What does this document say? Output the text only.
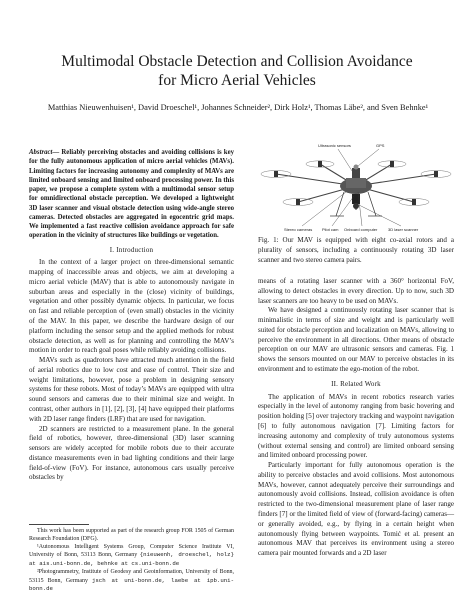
Multimodal Obstacle Detection and Collision Avoidance
for Micro Aerial Vehicles
Matthias Nieuwenhuisen¹, David Droeschel¹, Johannes Schneider², Dirk Holz¹, Thomas Läbe², and Sven Behnke¹

Abstract— Reliably perceiving obstacles and avoiding collisions is key for the fully autonomous application of micro aerial vehicles (MAVs). Limiting factors for increasing autonomy and complexity of MAVs are limited onboard sensing and limited onboard processing power. In this paper, we propose a complete system with a multimodal sensor setup for omnidirectional obstacle perception. We developed a lightweight 3D laser scanner and visual obstacle detection using wide-angle stereo cameras. Detected obstacles are aggregated in egocentric grid maps. We implemented a fast reactive collision avoidance approach for safe operation in the vicinity of structures like buildings or vegetation.

I. Introduction

In the context of a larger project on three-dimensional semantic mapping of inaccessible areas and objects, we aim at developing a micro aerial vehicle (MAV) that is able to autonomously navigate in suburban areas and especially in the (close) vicinity of buildings, vegetation and other possibly dynamic objects. In particular, we focus on fast and reliable perception of (even small) obstacles in the vicinity of the MAV. In this paper, we describe the hardware design of our platform including the sensor setup and the applied methods for robust obstacle detection, as well as for planning and controlling the MAV’s motion in order to reach goal poses while reliably avoiding collisions.

MAVs such as quadrotors have attracted much attention in the field of aerial robotics due to low cost and ease of control. Their size and weight limitations, however, pose a problem in designing sensory systems for these robots. Most of today’s MAVs are equipped with ultra sound sensors and cameras due to their minimal size and weight. In contrast, other authors in [1], [2], [3], [4] have equipped their platforms with 2D laser range finders (LRF) that are used for navigation.

2D scanners are restricted to a measurement plane. In the general field of robotics, however, three-dimensional (3D) laser scanning sensors are widely accepted for mobile robots due to their accurate distance measurements even in bad lighting conditions and their large field-of-view (FoV). For instance, autonomous cars usually perceive obstacles by

This work has been supported as part of the research group FOR 1505 of German Research Foundation (DFG).

¹Autonomous Intelligent Systems Group, Computer Science Institute VI, University of Bonn, 53113 Bonn, Germany {nieuwenh, droeschel, holz} at ais.uni-bonn.de, behnke at cs.uni-bonn.de

²Photogrammetry, Institute of Geodesy and Geoinformation, University of Bonn, 53115 Bonn, Germany jsch at uni-bonn.de, laebe at ipb.uni-bonn.de

Ultrasonic sensors	GPS
Stereo cameras Pilot cam Onboard computer	3D laser scanner
Fig. 1: Our MAV is equipped with eight co-axial rotors and a plurality of sensors, including a continuously rotating 3D laser scanner and two stereo camera pairs.

means of a rotating laser scanner with a 360° horizontal FoV, allowing to detect obstacles in every direction. Up to now, such 3D laser scanners are too heavy to be used on MAVs.

We have designed a continuously rotating laser scanner that is minimalistic in terms of size and weight and is particularly well suited for obstacle perception and localization on MAVs, allowing to perceive the environment in all directions. Other means of obstacle perception on our MAV are ultrasonic sensors and cameras. Fig. 1 shows the sensors mounted on our MAV to perceive obstacles in its environment and to estimate the ego-motion of the robot.

II. Related Work

The application of MAVs in recent robotics research varies especially in the level of autonomy ranging from basic hovering and position holding [5] over trajectory tracking and waypoint navigation [6] to fully autonomous navigation [7]. Limiting factors for increasing autonomy and complexity of truly autonomous systems (without external sensing and control) are limited onboard sensing and limited onboard processing power.

Particularly important for fully autonomous operation is the ability to perceive obstacles and avoid collisions. Most autonomous MAVs, however, cannot adequately perceive their surroundings and autonomously avoid collisions. Instead, collision avoidance is often restricted to the two-dimensional measurement plane of laser range finders [7] or the limited field of view of (forward-facing) cameras—or generally avoided, e.g., by flying in a certain height when autonomously flying between waypoints. Tomić et al. present an autonomous MAV that perceives its environment using a stereo camera pair mounted forwards and a 2D laser
